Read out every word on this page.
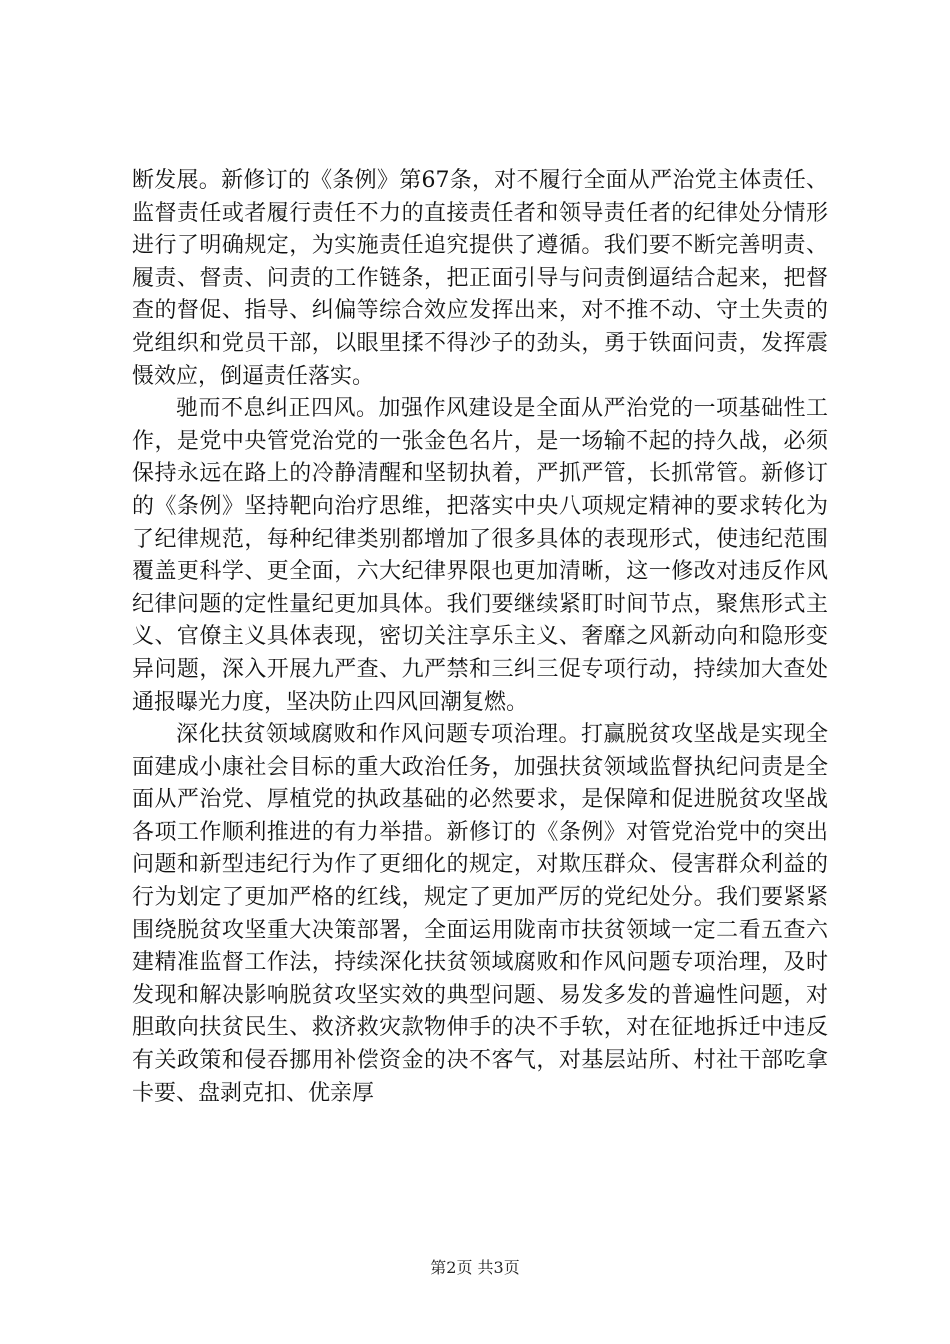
断发展。新修订的《条例》第67条，对不履行全面从严治党主体责任、监督责任或者履行责任不力的直接责任者和领导责任者的纪律处分情形进行了明确规定，为实施责任追究提供了遵循。我们要不断完善明责、履责、督责、问责的工作链条，把正面引导与问责倒逼结合起来，把督查的督促、指导、纠偏等综合效应发挥出来，对不推不动、守土失责的党组织和党员干部，以眼里揉不得沙子的劲头，勇于铁面问责，发挥震慑效应，倒逼责任落实。

驰而不息纠正四风。加强作风建设是全面从严治党的一项基础性工作，是党中央管党治党的一张金色名片，是一场输不起的持久战，必须保持永远在路上的冷静清醒和坚韧执着，严抓严管，长抓常管。新修订的《条例》坚持靶向治疗思维，把落实中央八项规定精神的要求转化为了纪律规范，每种纪律类别都增加了很多具体的表现形式，使违纪范围覆盖更科学、更全面，六大纪律界限也更加清晰，这一修改对违反作风纪律问题的定性量纪更加具体。我们要继续紧盯时间节点，聚焦形式主义、官僚主义具体表现，密切关注享乐主义、奢靡之风新动向和隐形变异问题，深入开展九严查、九严禁和三纠三促专项行动，持续加大查处通报曝光力度，坚决防止四风回潮复燃。

深化扶贫领域腐败和作风问题专项治理。打赢脱贫攻坚战是实现全面建成小康社会目标的重大政治任务，加强扶贫领域监督执纪问责是全面从严治党、厚植党的执政基础的必然要求，是保障和促进脱贫攻坚战各项工作顺利推进的有力举措。新修订的《条例》对管党治党中的突出问题和新型违纪行为作了更细化的规定，对欺压群众、侵害群众利益的行为划定了更加严格的红线，规定了更加严厉的党纪处分。我们要紧紧围绕脱贫攻坚重大决策部署，全面运用陇南市扶贫领域一定二看五查六建精准监督工作法，持续深化扶贫领域腐败和作风问题专项治理，及时发现和解决影响脱贫攻坚实效的典型问题、易发多发的普遍性问题，对胆敢向扶贫民生、救济救灾款物伸手的决不手软，对在征地拆迁中违反有关政策和侵吞挪用补偿资金的决不客气，对基层站所、村社干部吃拿卡要、盘剥克扣、优亲厚

第2页 共3页
